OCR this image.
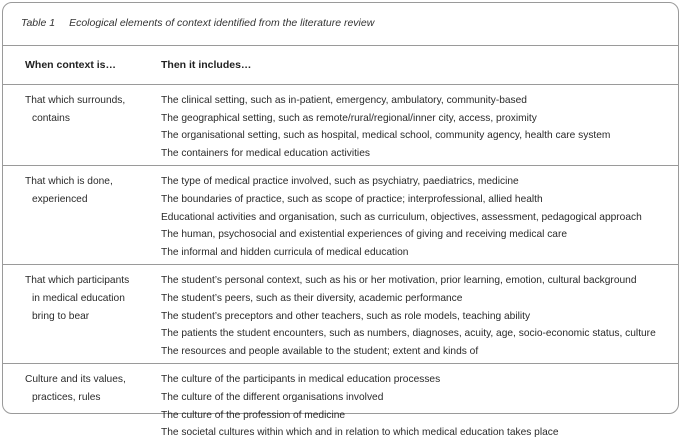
Table 1 Ecological elements of context identified from the literature review
When context is…	Then it includes…
That which surrounds,
contains
The clinical setting, such as in-patient, emergency, ambulatory, community-based
The geographical setting, such as remote/rural/regional/inner city, access, proximity
The organisational setting, such as hospital, medical school, community agency, health care system
The containers for medical education activities
That which is done,
experienced
The type of medical practice involved, such as psychiatry, paediatrics, medicine
The boundaries of practice, such as scope of practice; interprofessional, allied health
Educational activities and organisation, such as curriculum, objectives, assessment, pedagogical approach
The human, psychosocial and existential experiences of giving and receiving medical care
The informal and hidden curricula of medical education
That which participants
in medical education
bring to bear
The student’s personal context, such as his or her motivation, prior learning, emotion, cultural background
The student’s peers, such as their diversity, academic performance
The student’s preceptors and other teachers, such as role models, teaching ability
The patients the student encounters, such as numbers, diagnoses, acuity, age, socio-economic status, culture
The resources and people available to the student; extent and kinds of
Culture and its values,
practices, rules
The culture of the participants in medical education processes
The culture of the different organisations involved
The culture of the profession of medicine
The societal cultures within which and in relation to which medical education takes place
